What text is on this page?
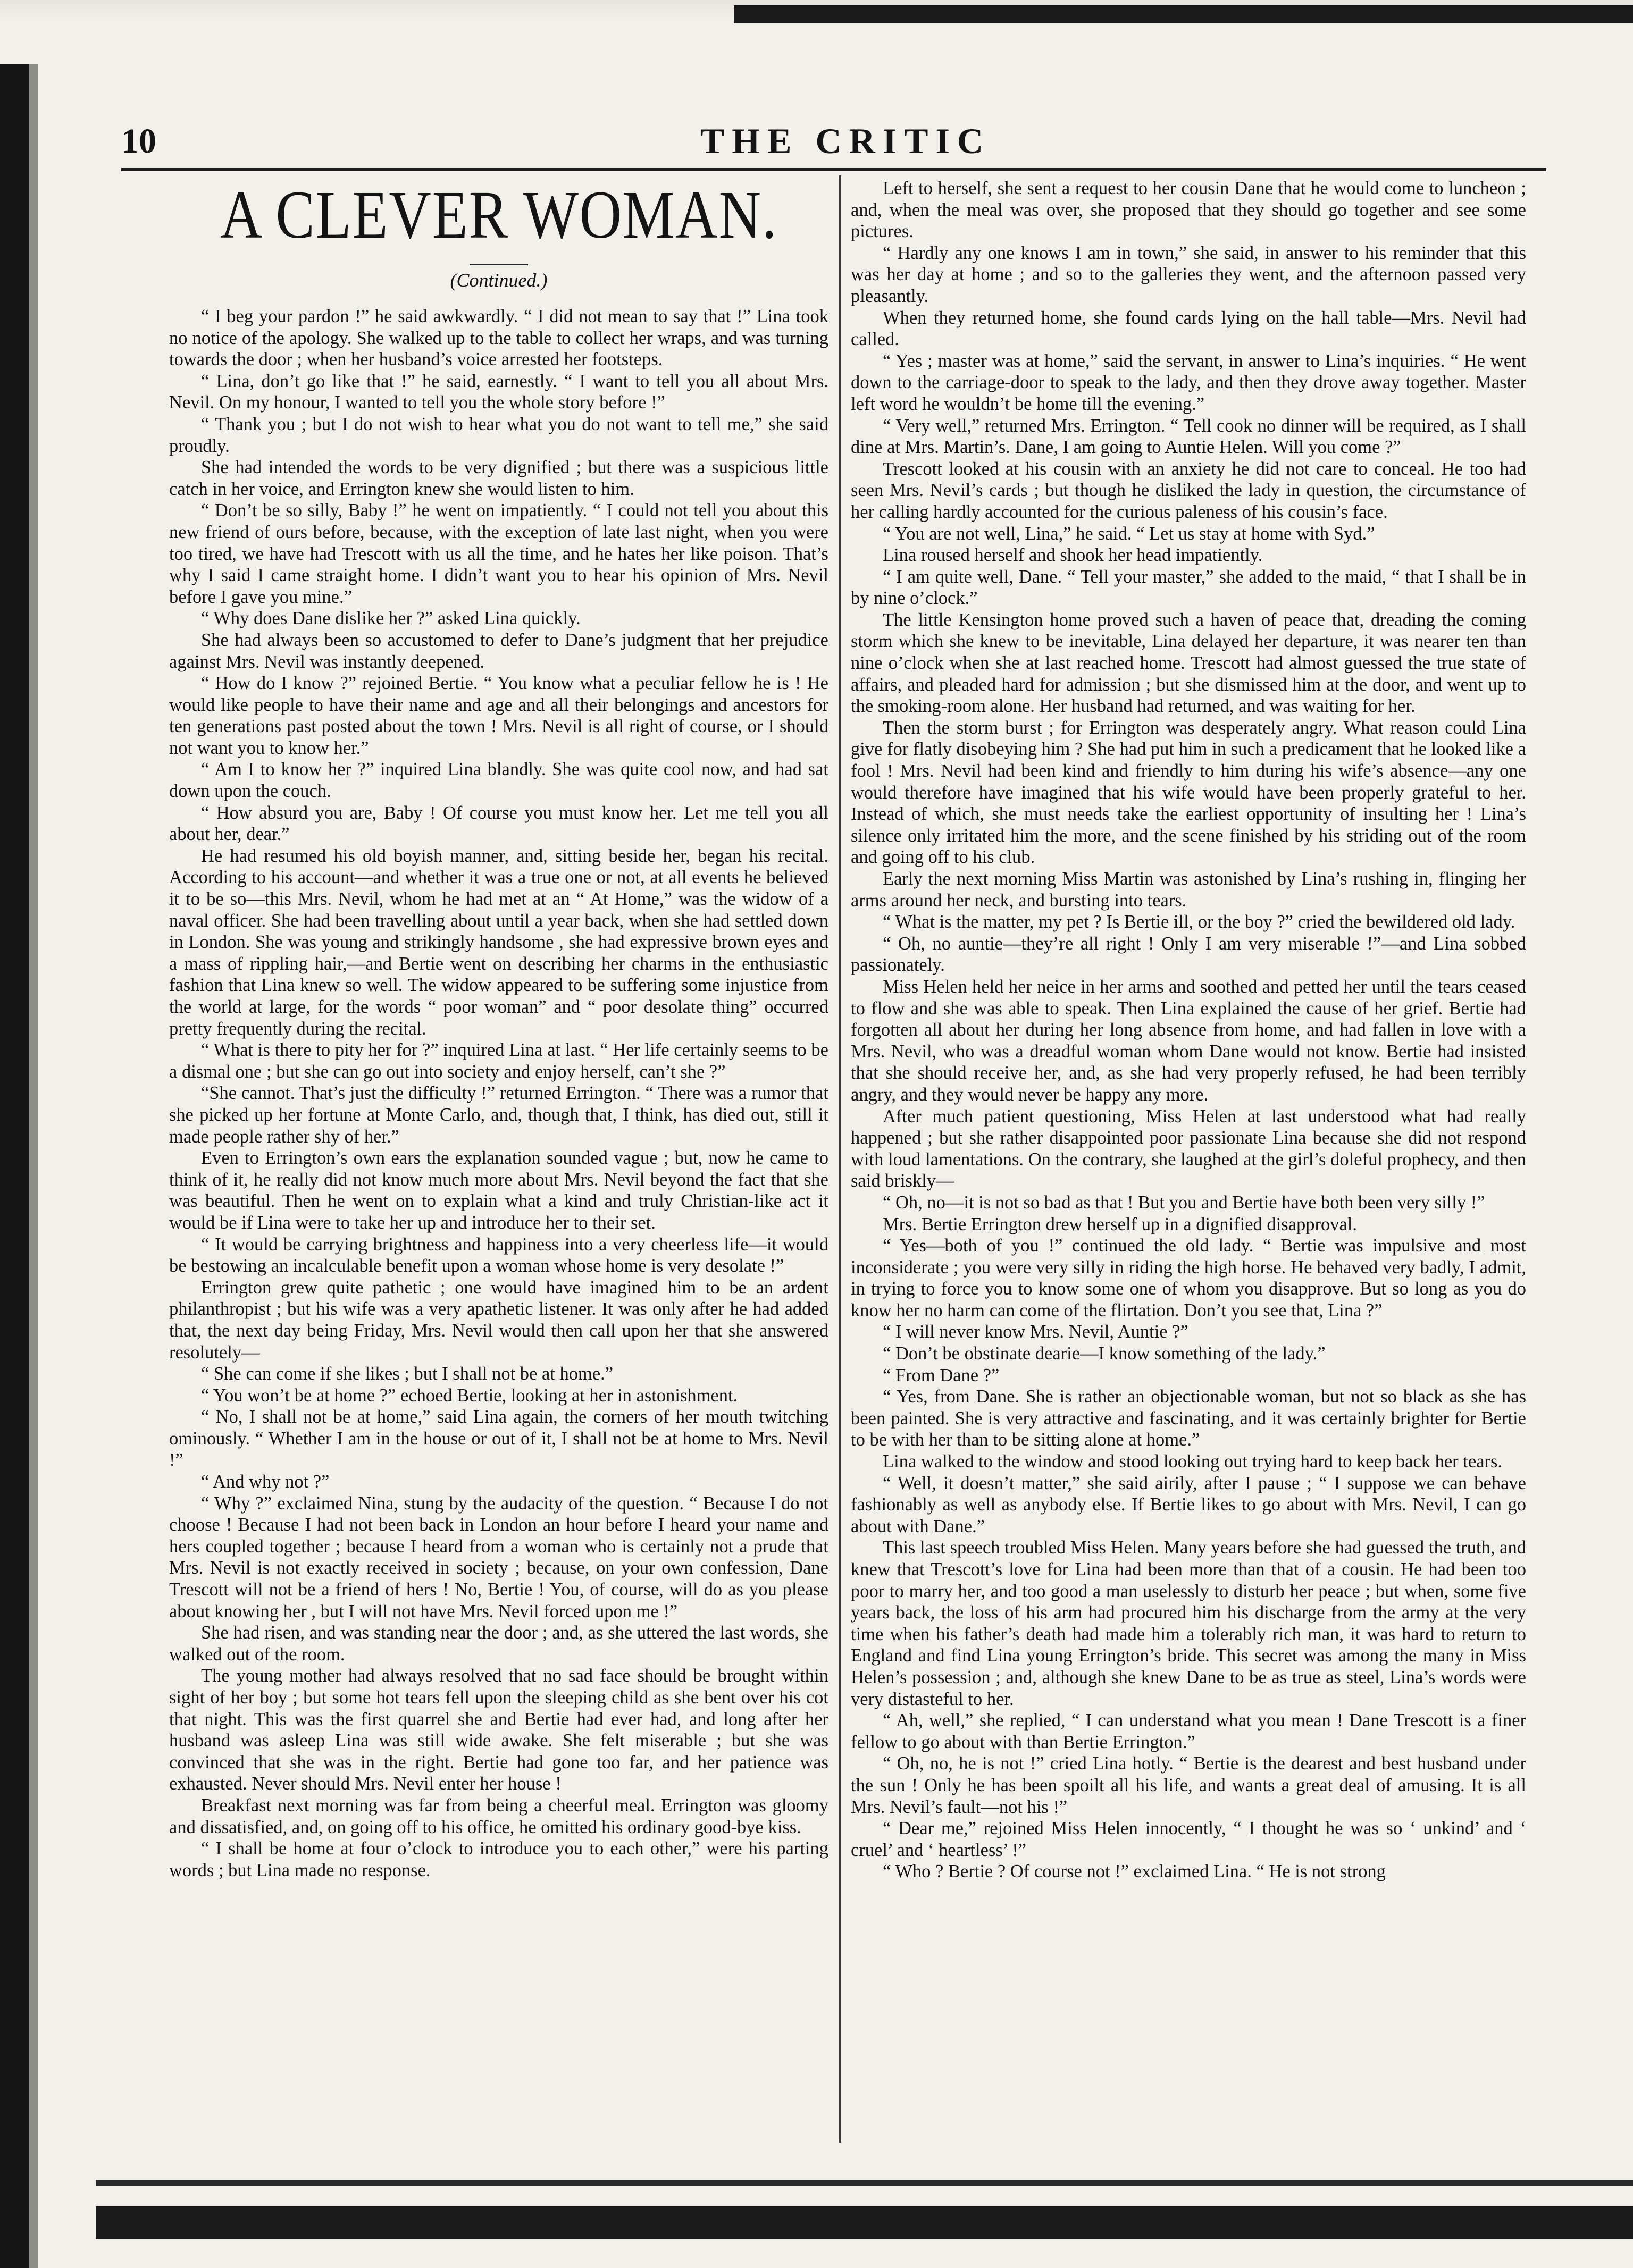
10	THE CRITIC
A CLEVER WOMAN.
(Continued.)

“ I beg your pardon !” he said awkwardly. “ I did not mean to say that !” Lina took no notice of the apology. She walked up to the table to collect her wraps, and was turning towards the door ; when her husband’s voice arrested her footsteps.

“ Lina, don’t go like that !” he said, earnestly. “ I want to tell you all about Mrs. Nevil. On my honour, I wanted to tell you the whole story before !”

“ Thank you ; but I do not wish to hear what you do not want to tell me,” she said proudly.

She had intended the words to be very dignified ; but there was a suspicious little catch in her voice, and Errington knew she would listen to him.

“ Don’t be so silly, Baby !” he went on impatiently. “ I could not tell you about this new friend of ours before, because, with the exception of late last night, when you were too tired, we have had Trescott with us all the time, and he hates her like poison. That’s why I said I came straight home. I didn’t want you to hear his opinion of Mrs. Nevil before I gave you mine.”

“ Why does Dane dislike her ?” asked Lina quickly.

She had always been so accustomed to defer to Dane’s judgment that her prejudice against Mrs. Nevil was instantly deepened.

“ How do I know ?” rejoined Bertie. “ You know what a peculiar fellow he is ! He would like people to have their name and age and all their belongings and ancestors for ten generations past posted about the town ! Mrs. Nevil is all right of course, or I should not want you to know her.”

“ Am I to know her ?” inquired Lina blandly. She was quite cool now, and had sat down upon the couch.

“ How absurd you are, Baby ! Of course you must know her. Let me tell you all about her, dear.”

He had resumed his old boyish manner, and, sitting beside her, began his recital. According to his account—and whether it was a true one or not, at all events he believed it to be so—this Mrs. Nevil, whom he had met at an “ At Home,” was the widow of a naval officer. She had been travelling about until a year back, when she had settled down in London. She was young and strikingly handsome , she had expressive brown eyes and a mass of rippling hair,—and Bertie went on describing her charms in the enthusiastic fashion that Lina knew so well. The widow appeared to be suffering some injustice from the world at large, for the words “ poor woman” and “ poor desolate thing” occurred pretty frequently during the recital.

“ What is there to pity her for ?” inquired Lina at last. “ Her life certainly seems to be a dismal one ; but she can go out into society and enjoy herself, can’t she ?”

“She cannot. That’s just the difficulty !” returned Errington. “ There was a rumor that she picked up her fortune at Monte Carlo, and, though that, I think, has died out, still it made people rather shy of her.”

Even to Errington’s own ears the explanation sounded vague ; but, now he came to think of it, he really did not know much more about Mrs. Nevil beyond the fact that she was beautiful. Then he went on to explain what a kind and truly Christian-like act it would be if Lina were to take her up and introduce her to their set.

“ It would be carrying brightness and happiness into a very cheerless life—it would be bestowing an incalculable benefit upon a woman whose home is very desolate !”

Errington grew quite pathetic ; one would have imagined him to be an ardent philanthropist ; but his wife was a very apathetic listener. It was only after he had added that, the next day being Friday, Mrs. Nevil would then call upon her that she answered resolutely—

“ She can come if she likes ; but I shall not be at home.”

“ You won’t be at home ?” echoed Bertie, looking at her in astonishment.

“ No, I shall not be at home,” said Lina again, the corners of her mouth twitching ominously. “ Whether I am in the house or out of it, I shall not be at home to Mrs. Nevil !”

“ And why not ?”

“ Why ?” exclaimed Nina, stung by the audacity of the question. “ Because I do not choose ! Because I had not been back in London an hour before I heard your name and hers coupled together ; because I heard from a woman who is certainly not a prude that Mrs. Nevil is not exactly received in society ; because, on your own confession, Dane Trescott will not be a friend of hers ! No, Bertie ! You, of course, will do as you please about knowing her , but I will not have Mrs. Nevil forced upon me !”

She had risen, and was standing near the door ; and, as she uttered the last words, she walked out of the room.

The young mother had always resolved that no sad face should be brought within sight of her boy ; but some hot tears fell upon the sleeping child as she bent over his cot that night. This was the first quarrel she and Bertie had ever had, and long after her husband was asleep Lina was still wide awake. She felt miserable ; but she was convinced that she was in the right. Bertie had gone too far, and her patience was exhausted. Never should Mrs. Nevil enter her house !

Breakfast next morning was far from being a cheerful meal. Errington was gloomy and dissatisfied, and, on going off to his office, he omitted his ordinary good-bye kiss.

“ I shall be home at four o’clock to introduce you to each other,” were his parting words ; but Lina made no response.

Left to herself, she sent a request to her cousin Dane that he would come to luncheon ; and, when the meal was over, she proposed that they should go together and see some pictures.

“ Hardly any one knows I am in town,” she said, in answer to his reminder that this was her day at home ; and so to the galleries they went, and the afternoon passed very pleasantly.

When they returned home, she found cards lying on the hall table—Mrs. Nevil had called.

“ Yes ; master was at home,” said the servant, in answer to Lina’s inquiries. “ He went down to the carriage-door to speak to the lady, and then they drove away together. Master left word he wouldn’t be home till the evening.”

“ Very well,” returned Mrs. Errington. “ Tell cook no dinner will be required, as I shall dine at Mrs. Martin’s. Dane, I am going to Auntie Helen. Will you come ?”

Trescott looked at his cousin with an anxiety he did not care to conceal. He too had seen Mrs. Nevil’s cards ; but though he disliked the lady in question, the circumstance of her calling hardly accounted for the curious paleness of his cousin’s face.

“ You are not well, Lina,” he said. “ Let us stay at home with Syd.”

Lina roused herself and shook her head impatiently.

“ I am quite well, Dane. “ Tell your master,” she added to the maid, “ that I shall be in by nine o’clock.”

The little Kensington home proved such a haven of peace that, dreading the coming storm which she knew to be inevitable, Lina delayed her departure, it was nearer ten than nine o’clock when she at last reached home. Trescott had almost guessed the true state of affairs, and pleaded hard for admission ; but she dismissed him at the door, and went up to the smoking-room alone. Her husband had returned, and was waiting for her.

Then the storm burst ; for Errington was desperately angry. What reason could Lina give for flatly disobeying him ? She had put him in such a predicament that he looked like a fool ! Mrs. Nevil had been kind and friendly to him during his wife’s absence—any one would therefore have imagined that his wife would have been properly grateful to her. Instead of which, she must needs take the earliest opportunity of insulting her ! Lina’s silence only irritated him the more, and the scene finished by his striding out of the room and going off to his club.

Early the next morning Miss Martin was astonished by Lina’s rushing in, flinging her arms around her neck, and bursting into tears.

“ What is the matter, my pet ? Is Bertie ill, or the boy ?” cried the bewildered old lady.

“ Oh, no auntie—they’re all right ! Only I am very miserable !”—and Lina sobbed passionately.

Miss Helen held her neice in her arms and soothed and petted her until the tears ceased to flow and she was able to speak. Then Lina explained the cause of her grief. Bertie had forgotten all about her during her long absence from home, and had fallen in love with a Mrs. Nevil, who was a dreadful woman whom Dane would not know. Bertie had insisted that she should receive her, and, as she had very properly refused, he had been terribly angry, and they would never be happy any more.

After much patient questioning, Miss Helen at last understood what had really happened ; but she rather disappointed poor passionate Lina because she did not respond with loud lamentations. On the contrary, she laughed at the girl’s doleful prophecy, and then said briskly—

“ Oh, no—it is not so bad as that ! But you and Bertie have both been very silly !”

Mrs. Bertie Errington drew herself up in a dignified disapproval.

“ Yes—both of you !” continued the old lady. “ Bertie was impulsive and most inconsiderate ; you were very silly in riding the high horse. He behaved very badly, I admit, in trying to force you to know some one of whom you disapprove. But so long as you do know her no harm can come of the flirtation. Don’t you see that, Lina ?”

“ I will never know Mrs. Nevil, Auntie ?”

“ Don’t be obstinate dearie—I know something of the lady.”

“ From Dane ?”

“ Yes, from Dane. She is rather an objectionable woman, but not so black as she has been painted. She is very attractive and fascinating, and it was certainly brighter for Bertie to be with her than to be sitting alone at home.”

Lina walked to the window and stood looking out trying hard to keep back her tears.

“ Well, it doesn’t matter,” she said airily, after I pause ; “ I suppose we can behave fashionably as well as anybody else. If Bertie likes to go about with Mrs. Nevil, I can go about with Dane.”

This last speech troubled Miss Helen. Many years before she had guessed the truth, and knew that Trescott’s love for Lina had been more than that of a cousin. He had been too poor to marry her, and too good a man uselessly to disturb her peace ; but when, some five years back, the loss of his arm had procured him his discharge from the army at the very time when his father’s death had made him a tolerably rich man, it was hard to return to England and find Lina young Errington’s bride. This secret was among the many in Miss Helen’s possession ; and, although she knew Dane to be as true as steel, Lina’s words were very distasteful to her.

“ Ah, well,” she replied, “ I can understand what you mean ! Dane Trescott is a finer fellow to go about with than Bertie Errington.”

“ Oh, no, he is not !” cried Lina hotly. “ Bertie is the dearest and best husband under the sun ! Only he has been spoilt all his life, and wants a great deal of amusing. It is all Mrs. Nevil’s fault—not his !”

“ Dear me,” rejoined Miss Helen innocently, “ I thought he was so ‘ unkind’ and ‘ cruel’ and ‘ heartless’ !”

“ Who ? Bertie ? Of course not !” exclaimed Lina. “ He is not strong
